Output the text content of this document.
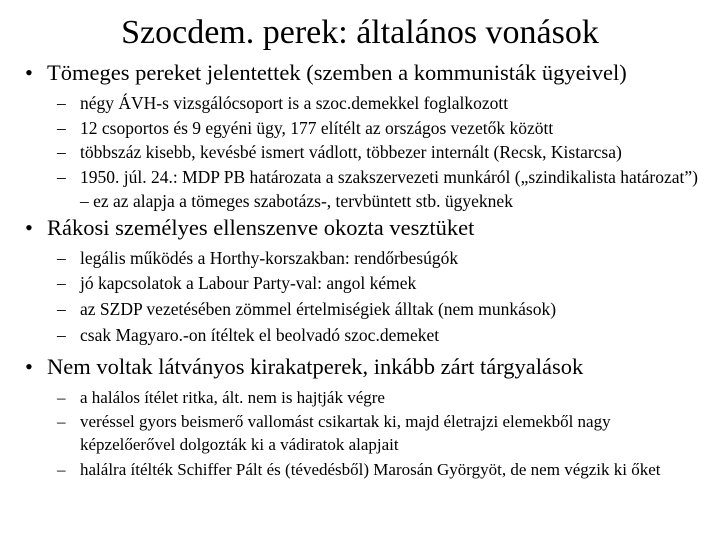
Szocdem. perek: általános vonások
• Tömeges pereket jelentettek (szemben a kommunisták ügyeivel)
– négy ÁVH-s vizsgálócsoport is a szoc.demekkel foglalkozott
– 12 csoportos és 9 egyéni ügy, 177 elítélt az országos vezetők között
– többszáz kisebb, kevésbé ismert vádlott, többezer internált (Recsk, Kistarcsa)
– 1950. júl. 24.: MDP PB határozata a szakszervezeti munkáról („szindikalista határozat”) – ez az alapja a tömeges szabotázs-, tervbüntett stb. ügyeknek
• Rákosi személyes ellenszenve okozta vesztüket
– legális működés a Horthy-korszakban: rendőrbesúgók
– jó kapcsolatok a Labour Party-val: angol kémek
– az SZDP vezetésében zömmel értelmiségiek álltak (nem munkások)
– csak Magyaro.-on ítéltek el beolvadó szoc.demeket
• Nem voltak látványos kirakatperek, inkább zárt tárgyalások
– a halálos ítélet ritka, ált. nem is hajtják végre
– veréssel gyors beismerő vallomást csikartak ki, majd életrajzi elemekből nagy képzelőerővel dolgozták ki a vádiratok alapjait
– halálra ítélték Schiffer Pált és (tévedésből) Marosán Györgyöt, de nem végzik ki őket
